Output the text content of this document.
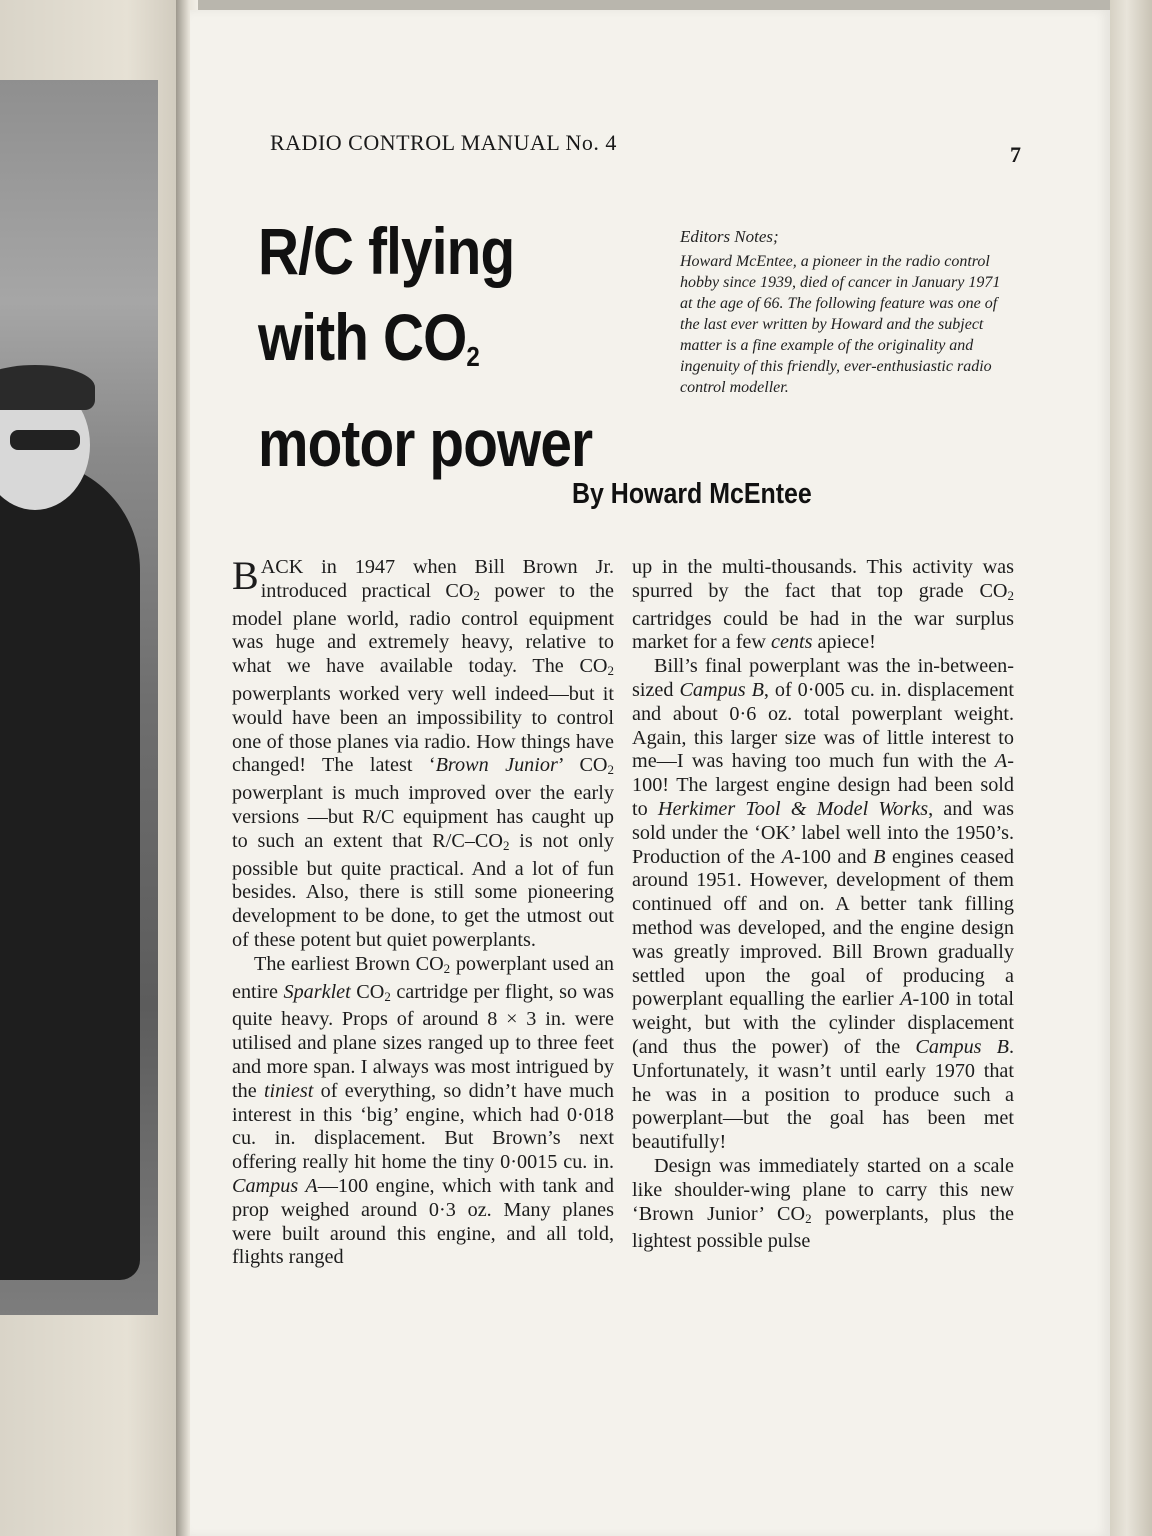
RADIO CONTROL MANUAL No. 4	7
R/C flying
with $CO_2$
motor power
Editors Notes;
Howard McEntee, a pioneer in the radio control hobby since 1939, died of cancer in January 1971 at the age of 66. The following feature was one of the last ever written by Howard and the subject matter is a fine example of the originality and ingenuity of this friendly, ever-enthusiastic radio control modeller.
By Howard McEntee

BACK in 1947 when Bill Brown Jr. introduced practical $CO_2$ power to the model plane world, radio control equipment was huge and extremely heavy, relative to what we have available today. The $CO_2$ powerplants worked very well indeed—but it would have been an impossibility to control one of those planes via radio. How things have changed! The latest ‘Brown Junior’ $CO_2$ powerplant is much improved over the early versions —but R/C equipment has caught up to such an extent that $R/C-CO_2$ is not only possible but quite practical. And a lot of fun besides. Also, there is still some pioneering development to be done, to get the utmost out of these potent but quiet powerplants.

The earliest Brown $CO_2$ powerplant used an entire Sparklet $CO_2$ cartridge per flight, so was quite heavy. Props of around 8 × 3 in. were utilised and plane sizes ranged up to three feet and more span. I always was most intrigued by the tiniest of everything, so didn’t have much interest in this ‘big’ engine, which had 0·018 cu. in. displacement. But Brown’s next offering really hit home the tiny 0·0015 cu. in. Campus A—100 engine, which with tank and prop weighed around 0·3 oz. Many planes were built around this engine, and all told, flights ranged

up in the multi-thousands. This activity was spurred by the fact that top grade $CO_2$ cartridges could be had in the war surplus market for a few cents apiece!

Bill’s final powerplant was the in-between-sized Campus B, of 0·005 cu. in. displacement and about 0·6 oz. total powerplant weight. Again, this larger size was of little interest to me—I was having too much fun with the A-100! The largest engine design had been sold to Herkimer Tool & Model Works, and was sold under the ‘OK’ label well into the 1950’s. Production of the A-100 and B engines ceased around 1951. However, development of them continued off and on. A better tank filling method was developed, and the engine design was greatly improved. Bill Brown gradually settled upon the goal of producing a powerplant equalling the earlier A-100 in total weight, but with the cylinder displacement (and thus the power) of the Campus B. Unfortunately, it wasn’t until early 1970 that he was in a position to produce such a powerplant—but the goal has been met beautifully!

Design was immediately started on a scale like shoulder-wing plane to carry this new ‘Brown Junior’ $CO_2$ powerplants, plus the lightest possible pulse
